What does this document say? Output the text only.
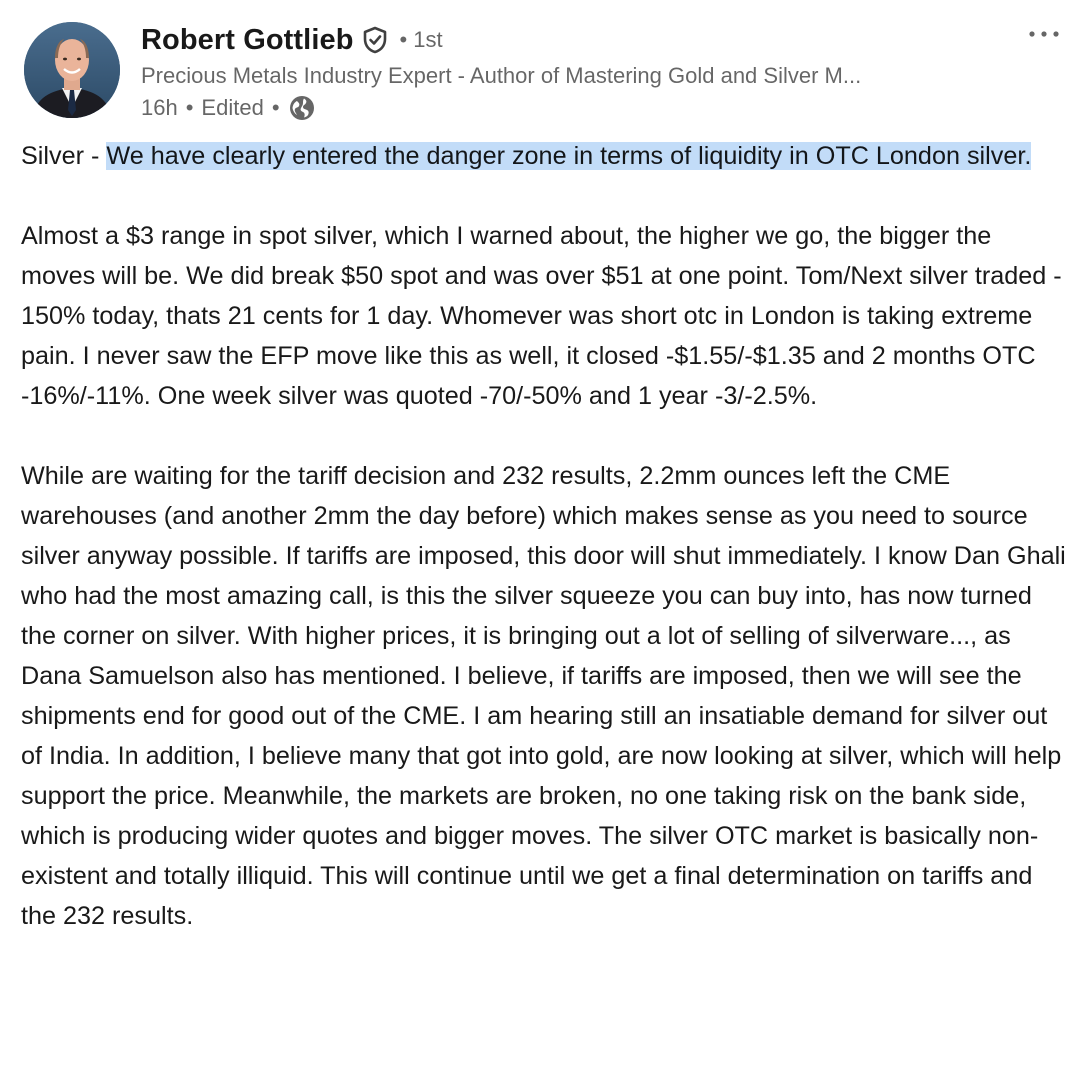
Robert Gottlieb • 1st
Precious Metals Industry Expert - Author of Mastering Gold and Silver M...
16h • Edited •

Silver - We have clearly entered the danger zone in terms of liquidity in OTC London silver.

Almost a $3 range in spot silver, which I warned about, the higher we go, the bigger the moves will be. We did break $50 spot and was over $51 at one point. Tom/Next silver traded - 150% today, thats 21 cents for 1 day. Whomever was short otc in London is taking extreme pain. I never saw the EFP move like this as well, it closed -$1.55/-$1.35 and 2 months OTC -16%/-11%. One week silver was quoted -70/-50% and 1 year -3/-2.5%.

While are waiting for the tariff decision and 232 results, 2.2mm ounces left the CME warehouses (and another 2mm the day before) which makes sense as you need to source silver anyway possible. If tariffs are imposed, this door will shut immediately. I know Dan Ghali who had the most amazing call, is this the silver squeeze you can buy into, has now turned the corner on silver. With higher prices, it is bringing out a lot of selling of silverware..., as Dana Samuelson also has mentioned. I believe, if tariffs are imposed, then we will see the shipments end for good out of the CME. I am hearing still an insatiable demand for silver out of India. In addition, I believe many that got into gold, are now looking at silver, which will help support the price. Meanwhile, the markets are broken, no one taking risk on the bank side, which is producing wider quotes and bigger moves. The silver OTC market is basically non-existent and totally illiquid. This will continue until we get a final determination on tariffs and the 232 results.
